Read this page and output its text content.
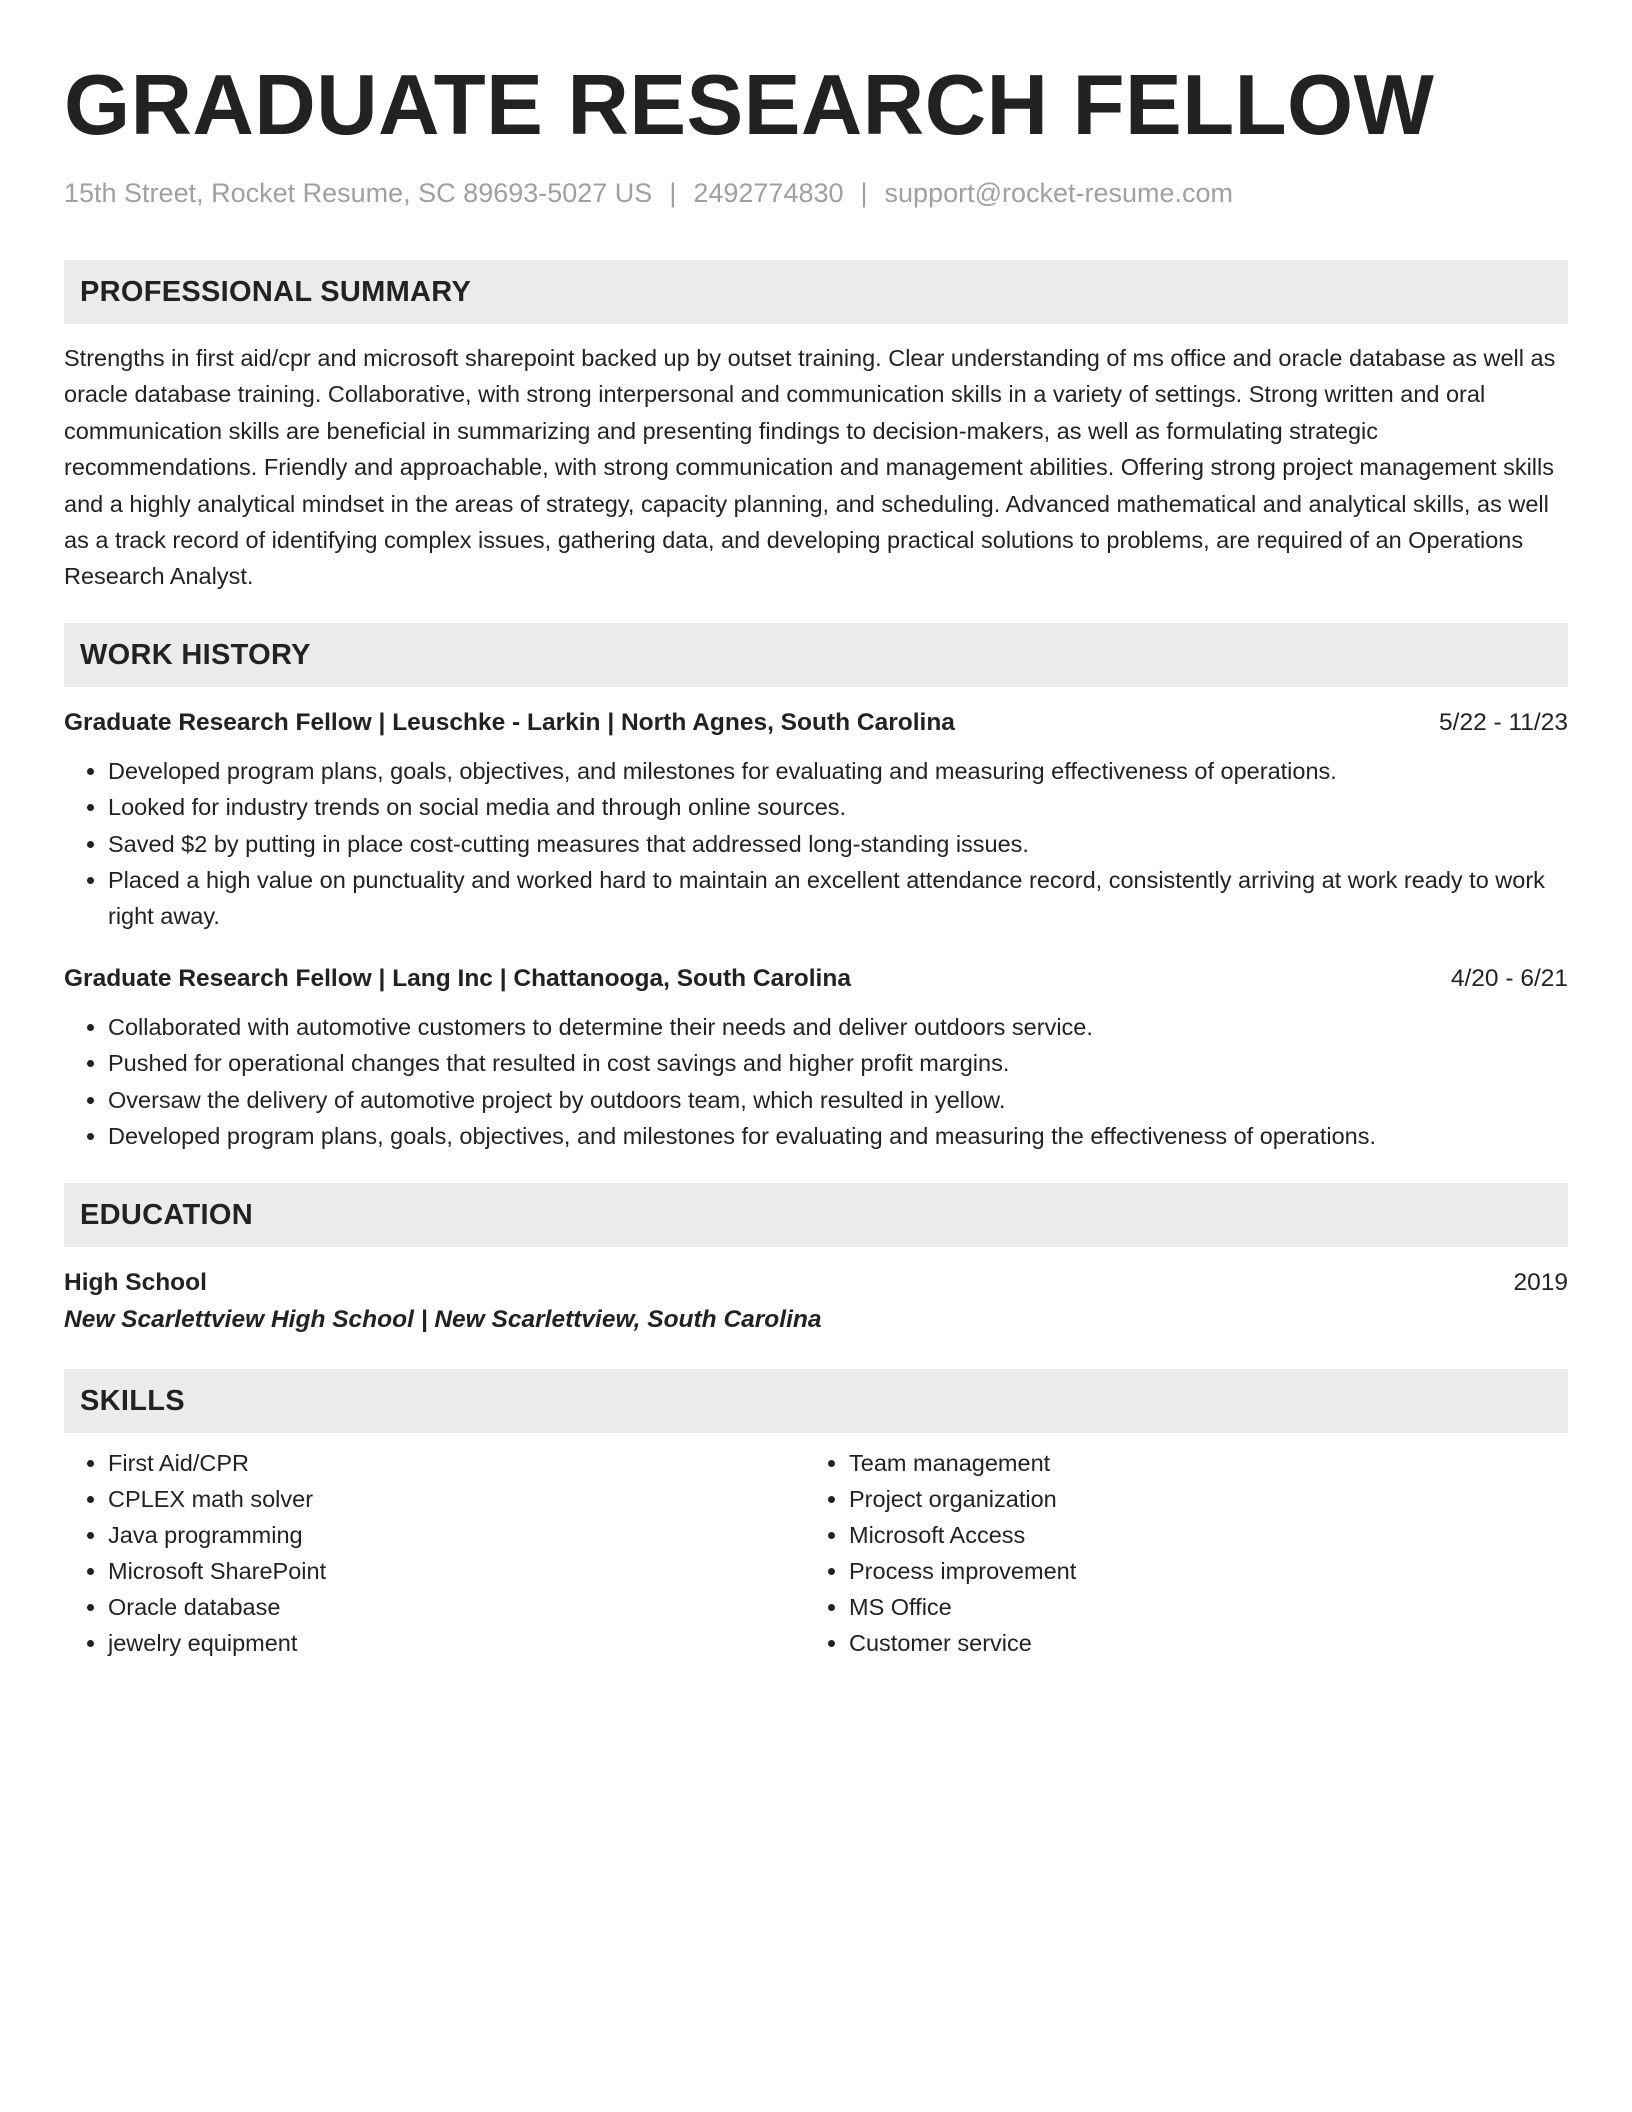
GRADUATE RESEARCH FELLOW
15th Street, Rocket Resume, SC 89693-5027 US | 2492774830 | support@rocket-resume.com
PROFESSIONAL SUMMARY
Strengths in first aid/cpr and microsoft sharepoint backed up by outset training. Clear understanding of ms office and oracle database as well as oracle database training. Collaborative, with strong interpersonal and communication skills in a variety of settings. Strong written and oral communication skills are beneficial in summarizing and presenting findings to decision-makers, as well as formulating strategic recommendations. Friendly and approachable, with strong communication and management abilities. Offering strong project management skills and a highly analytical mindset in the areas of strategy, capacity planning, and scheduling. Advanced mathematical and analytical skills, as well as a track record of identifying complex issues, gathering data, and developing practical solutions to problems, are required of an Operations Research Analyst.
WORK HISTORY
Graduate Research Fellow | Leuschke - Larkin | North Agnes, South Carolina	5/22 - 11/23
• Developed program plans, goals, objectives, and milestones for evaluating and measuring effectiveness of operations.
• Looked for industry trends on social media and through online sources.
• Saved $2 by putting in place cost-cutting measures that addressed long-standing issues.
• Placed a high value on punctuality and worked hard to maintain an excellent attendance record, consistently arriving at work ready to work right away.
Graduate Research Fellow | Lang Inc | Chattanooga, South Carolina	4/20 - 6/21
• Collaborated with automotive customers to determine their needs and deliver outdoors service.
• Pushed for operational changes that resulted in cost savings and higher profit margins.
• Oversaw the delivery of automotive project by outdoors team, which resulted in yellow.
• Developed program plans, goals, objectives, and milestones for evaluating and measuring the effectiveness of operations.
EDUCATION
High School	2019
New Scarlettview High School | New Scarlettview, South Carolina
SKILLS
• First Aid/CPR
• CPLEX math solver
• Java programming
• Microsoft SharePoint
• Oracle database
• jewelry equipment
• Team management
• Project organization
• Microsoft Access
• Process improvement
• MS Office
• Customer service
